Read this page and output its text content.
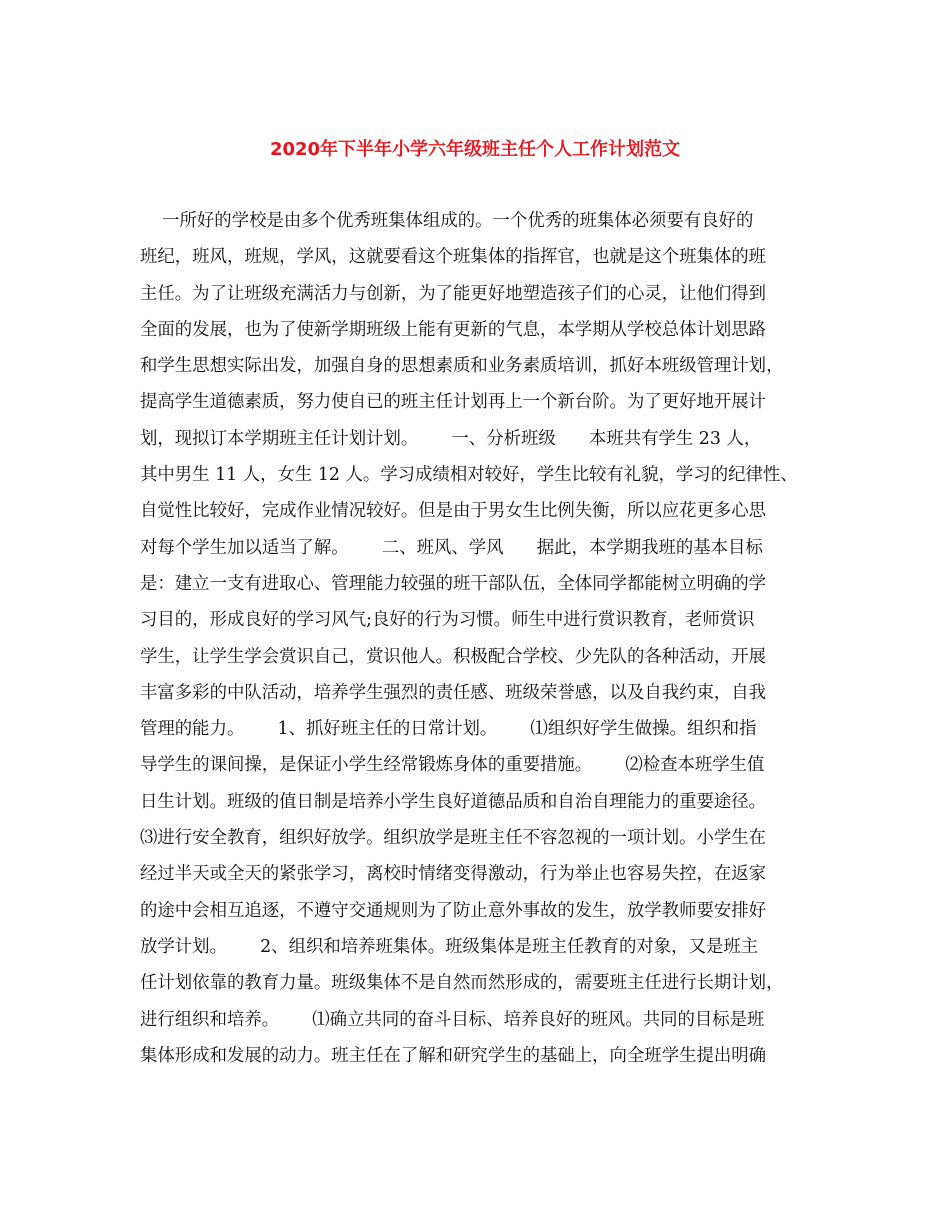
2020年下半年小学六年级班主任个人工作计划范文
一所好的学校是由多个优秀班集体组成的。一个优秀的班集体必须要有良好的
班纪，班风，班规，学风，这就要看这个班集体的指挥官，也就是这个班集体的班
主任。为了让班级充满活力与创新，为了能更好地塑造孩子们的心灵，让他们得到
全面的发展，也为了使新学期班级上能有更新的气息，本学期从学校总体计划思路
和学生思想实际出发，加强自身的思想素质和业务素质培训，抓好本班级管理计划，
提高学生道德素质，努力使自已的班主任计划再上一个新台阶。为了更好地开展计
划，现拟订本学期班主任计划计划。      一、分析班级      本班共有学生 23 人，
其中男生 11 人，女生 12 人。学习成绩相对较好，学生比较有礼貌，学习的纪律性、
自觉性比较好，完成作业情况较好。但是由于男女生比例失衡，所以应花更多心思
对每个学生加以适当了解。      二、班风、学风      据此，本学期我班的基本目标
是：建立一支有进取心、管理能力较强的班干部队伍，全体同学都能树立明确的学
习目的，形成良好的学习风气;良好的行为习惯。师生中进行赏识教育，老师赏识
学生，让学生学会赏识自己，赏识他人。积极配合学校、少先队的各种活动，开展
丰富多彩的中队活动，培养学生强烈的责任感、班级荣誉感，以及自我约束，自我
管理的能力。      1、抓好班主任的日常计划。      ⑴组织好学生做操。组织和指
导学生的课间操，是保证小学生经常锻炼身体的重要措施。      ⑵检查本班学生值
日生计划。班级的值日制是培养小学生良好道德品质和自治自理能力的重要途径。
⑶进行安全教育，组织好放学。组织放学是班主任不容忽视的一项计划。小学生在
经过半天或全天的紧张学习，离校时情绪变得激动，行为举止也容易失控，在返家
的途中会相互追逐，不遵守交通规则为了防止意外事故的发生，放学教师要安排好
放学计划。      2、组织和培养班集体。班级集体是班主任教育的对象，又是班主
任计划依靠的教育力量。班级集体不是自然而然形成的，需要班主任进行长期计划，
进行组织和培养。      ⑴确立共同的奋斗目标、培养良好的班风。共同的目标是班
集体形成和发展的动力。班主任在了解和研究学生的基础上，向全班学生提出明确
